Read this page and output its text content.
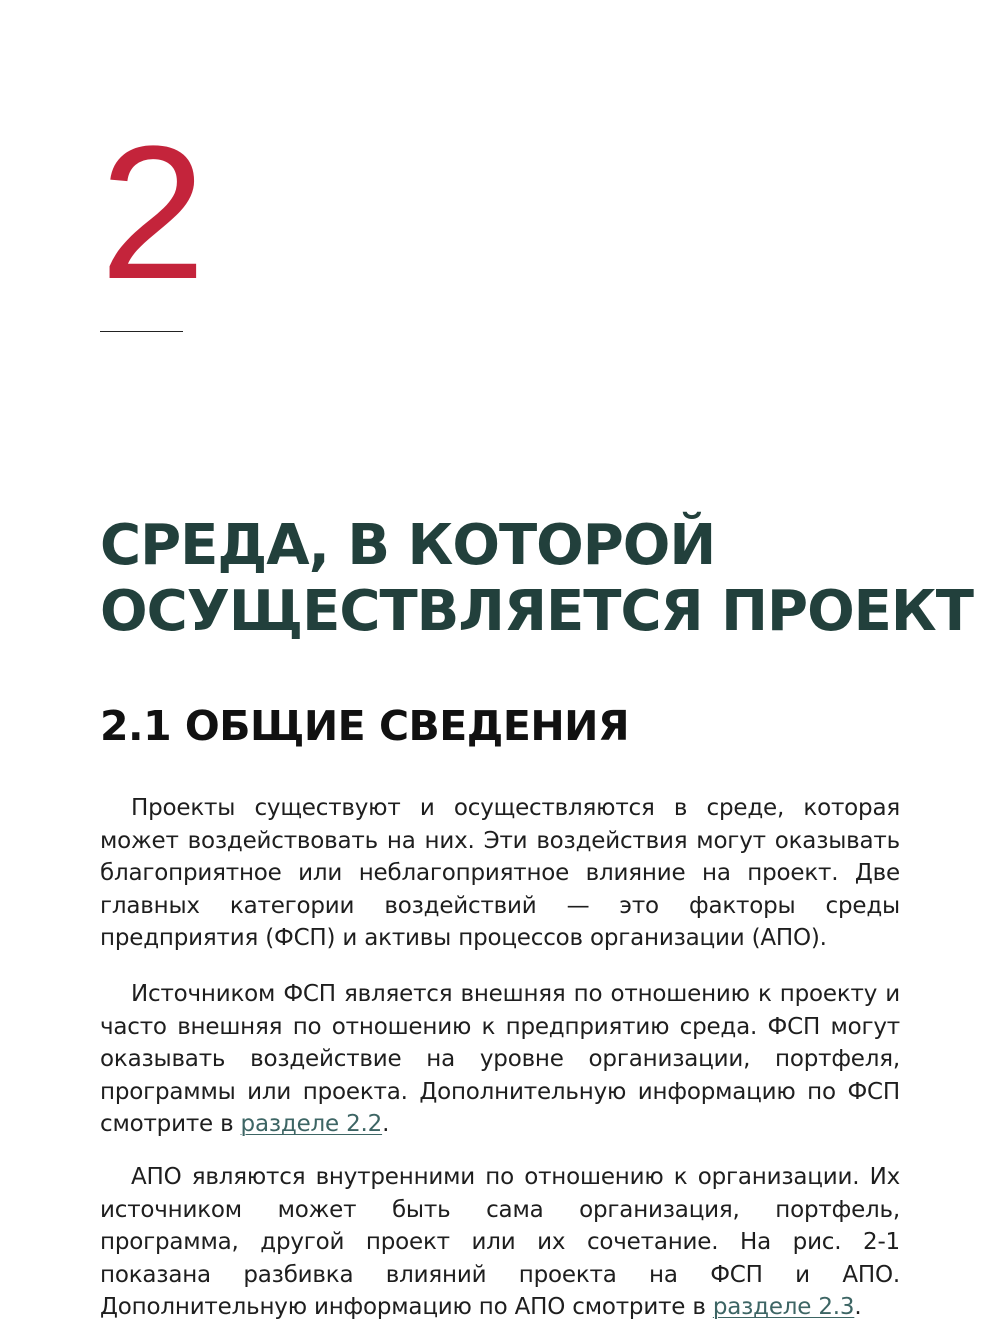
2
СРЕДА, В КОТОРОЙ
ОСУЩЕСТВЛЯЕТСЯ ПРОЕКТ
2.1 ОБЩИЕ СВЕДЕНИЯ

Проекты существуют и осуществляются в среде, которая может воздействовать на них. Эти воздействия могут оказывать благоприятное или неблагоприятное влияние на проект. Две главных категории воздействий — это факторы среды предприятия (ФСП) и активы процессов организации (АПО).

Источником ФСП является внешняя по отношению к проекту и часто внешняя по отношению к предприятию среда. ФСП могут оказывать воздействие на уровне организации, портфеля, программы или проекта. Дополнительную информацию по ФСП смотрите в разделе 2.2.

АПО являются внутренними по отношению к организации. Их источником может быть сама организация, портфель, программа, другой проект или их сочетание. На рис. 2-1 показана разбивка влияний проекта на ФСП и АПО. Дополнительную информацию по АПО смотрите в разделе 2.3.
